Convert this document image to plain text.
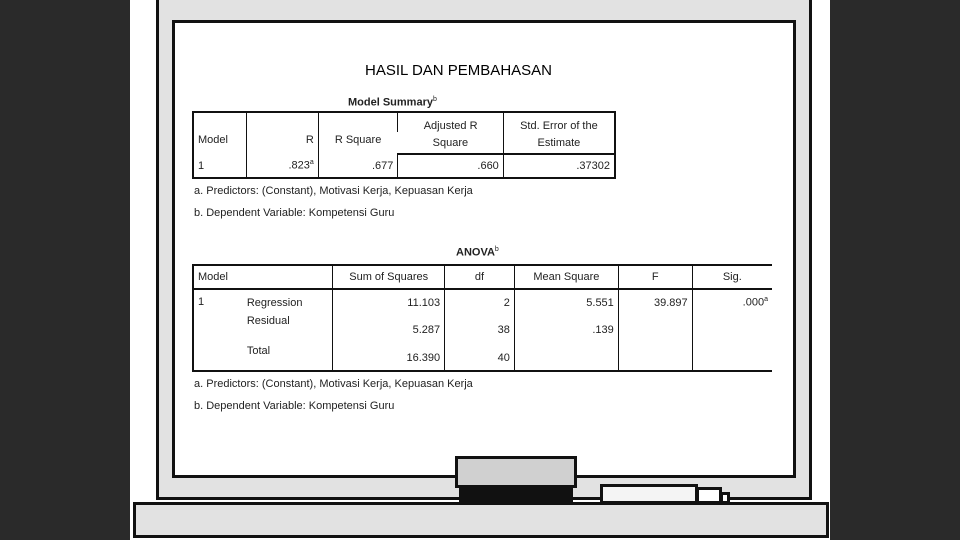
HASIL DAN PEMBAHASAN
Model Summary$^b$
Model	R	R Square	Adjusted R	Std. Error of the
			Square	Estimate
1	.823$^a$	.677	.660	.37302
a. Predictors: (Constant), Motivasi Kerja, Kepuasan Kerja
b. Dependent Variable: Kompetensi Guru
ANOVA$^b$
Model		Sum of Squares	df	Mean Square	F	Sig.
1	Regression	11.103	2	5.551	39.897	.000$^a$
	Residual	5.287	38	.139		
	Total	16.390	40			
a. Predictors: (Constant), Motivasi Kerja, Kepuasan Kerja
b. Dependent Variable: Kompetensi Guru
